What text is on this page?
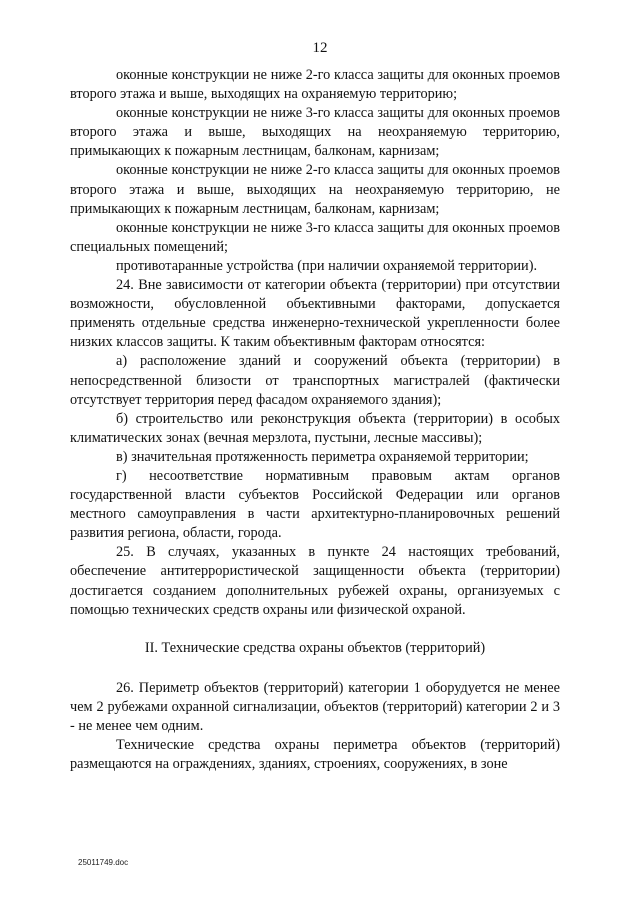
12

оконные конструкции не ниже 2-го класса защиты для оконных проемов второго этажа и выше, выходящих на охраняемую территорию;

оконные конструкции не ниже 3-го класса защиты для оконных проемов второго этажа и выше, выходящих на неохраняемую территорию, примыкающих к пожарным лестницам, балконам, карнизам;

оконные конструкции не ниже 2-го класса защиты для оконных проемов второго этажа и выше, выходящих на неохраняемую территорию, не примыкающих к пожарным лестницам, балконам, карнизам;

оконные конструкции не ниже 3-го класса защиты для оконных проемов специальных помещений;

противотаранные устройства (при наличии охраняемой территории).

24. Вне зависимости от категории объекта (территории) при отсутствии возможности, обусловленной объективными факторами, допускается применять отдельные средства инженерно-технической укрепленности более низких классов защиты. К таким объективным факторам относятся:

а) расположение зданий и сооружений объекта (территории) в непосредственной близости от транспортных магистралей (фактически отсутствует территория перед фасадом охраняемого здания);

б) строительство или реконструкция объекта (территории) в особых климатических зонах (вечная мерзлота, пустыни, лесные массивы);

в) значительная протяженность периметра охраняемой территории;

г) несоответствие нормативным правовым актам органов государственной власти субъектов Российской Федерации или органов местного самоуправления в части архитектурно-планировочных решений развития региона, области, города.

25. В случаях, указанных в пункте 24 настоящих требований, обеспечение антитеррористической защищенности объекта (территории) достигается созданием дополнительных рубежей охраны, организуемых с помощью технических средств охраны или физической охраной.

II. Технические средства охраны объектов (территорий)

26. Периметр объектов (территорий) категории 1 оборудуется не менее чем 2 рубежами охранной сигнализации, объектов (территорий) категории 2 и 3 - не менее чем одним.

Технические средства охраны периметра объектов (территорий) размещаются на ограждениях, зданиях, строениях, сооружениях, в зоне

25011749.doc
